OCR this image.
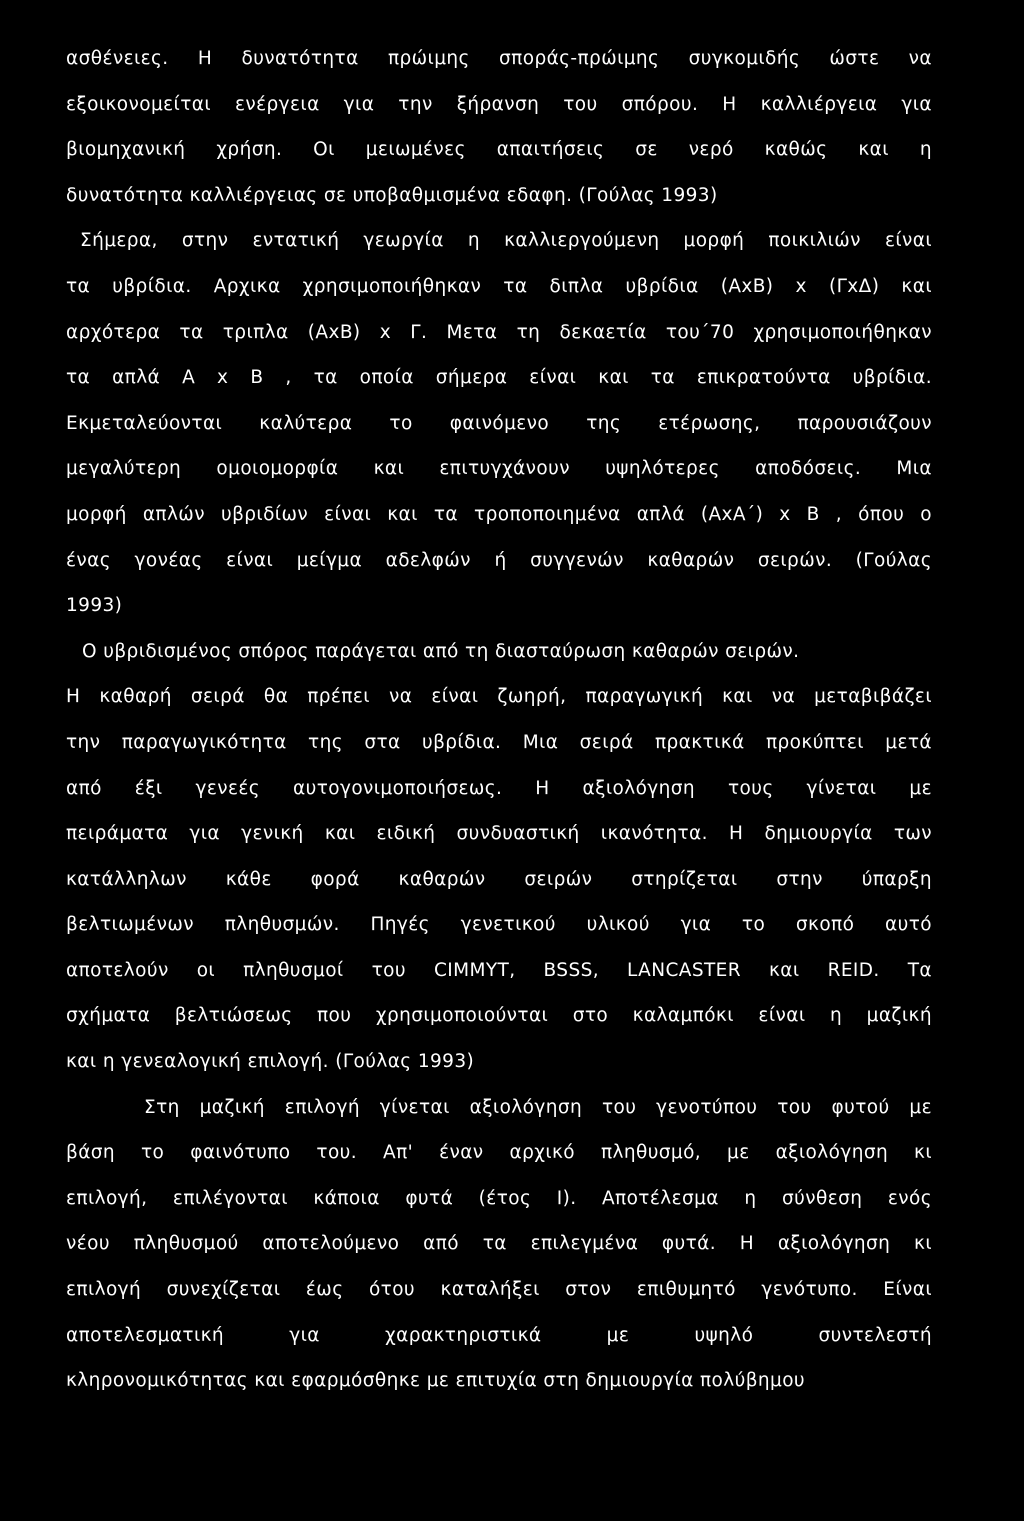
ασθένειες. Η δυνατότητα πρώιμης σποράς-πρώιμης συγκομιδής ώστε να
εξοικονομείται ενέργεια για την ξήρανση του σπόρου. Η καλλιέργεια για
βιομηχανική χρήση. Οι μειωμένες απαιτήσεις σε νερό καθώς και η
δυνατότητα καλλιέργειας σε υποβαθμισμένα εδαφη. (Γούλας 1993)
Σήμερα, στην εντατική γεωργία η καλλιεργούμενη μορφή ποικιλιών είναι
τα υβρίδια. Αρχικα χρησιμοποιήθηκαν τα διπλα υβρίδια (ΑxΒ) x (ΓxΔ) και
αρχότερα τα τριπλα (ΑxΒ) x Γ. Μετα τη δεκαετία του΄70 χρησιμοποιήθηκαν
τα απλά Α x Β , τα οποία σήμερα είναι και τα επικρατούντα υβρίδια.
Εκμεταλεύονται καλύτερα το φαινόμενο της ετέρωσης, παρουσιάζουν
μεγαλύτερη ομοιομορφία και επιτυγχάνουν υψηλότερες αποδόσεις. Μια
μορφή απλών υβριδίων είναι και τα τροποποιημένα απλά (ΑxΑ΄) x Β , όπου ο
ένας γονέας είναι μείγμα αδελφών ή συγγενών καθαρών σειρών. (Γούλας
1993)
Ο υβριδισμένος σπόρος παράγεται από τη διασταύρωση καθαρών σειρών.
Η καθαρή σειρά θα πρέπει να είναι ζωηρή, παραγωγική και να μεταβιβάζει
την παραγωγικότητα της στα υβρίδια. Μια σειρά πρακτικά προκύπτει μετά
από έξι γενεές αυτογονιμοποιήσεως. Η αξιολόγηση τους γίνεται με
πειράματα για γενική και ειδική συνδυαστική ικανότητα. Η δημιουργία των
κατάλληλων κάθε φορά καθαρών σειρών στηρίζεται στην ύπαρξη
βελτιωμένων πληθυσμών. Πηγές γενετικού υλικού για το σκοπό αυτό
αποτελούν οι πληθυσμοί του CIMMYT, BSSS, LANCASTER και REID. Τα
σχήματα βελτιώσεως που χρησιμοποιούνται στο καλαμπόκι είναι η μαζική
και η γενεαλογική επιλογή. (Γούλας 1993)
Στη μαζική επιλογή γίνεται αξιολόγηση του γενοτύπου του φυτού με
βάση το φαινότυπο του. Απ' έναν αρχικό πληθυσμό, με αξιολόγηση κι
επιλογή, επιλέγονται κάποια φυτά (έτος Ι). Αποτέλεσμα η σύνθεση ενός
νέου πληθυσμού αποτελούμενο από τα επιλεγμένα φυτά. Η αξιολόγηση κι
επιλογή συνεχίζεται έως ότου καταλήξει στον επιθυμητό γενότυπο. Είναι
αποτελεσματική για χαρακτηριστικά με υψηλό συντελεστή
κληρονομικότητας και εφαρμόσθηκε με επιτυχία στη δημιουργία πολύβημου
